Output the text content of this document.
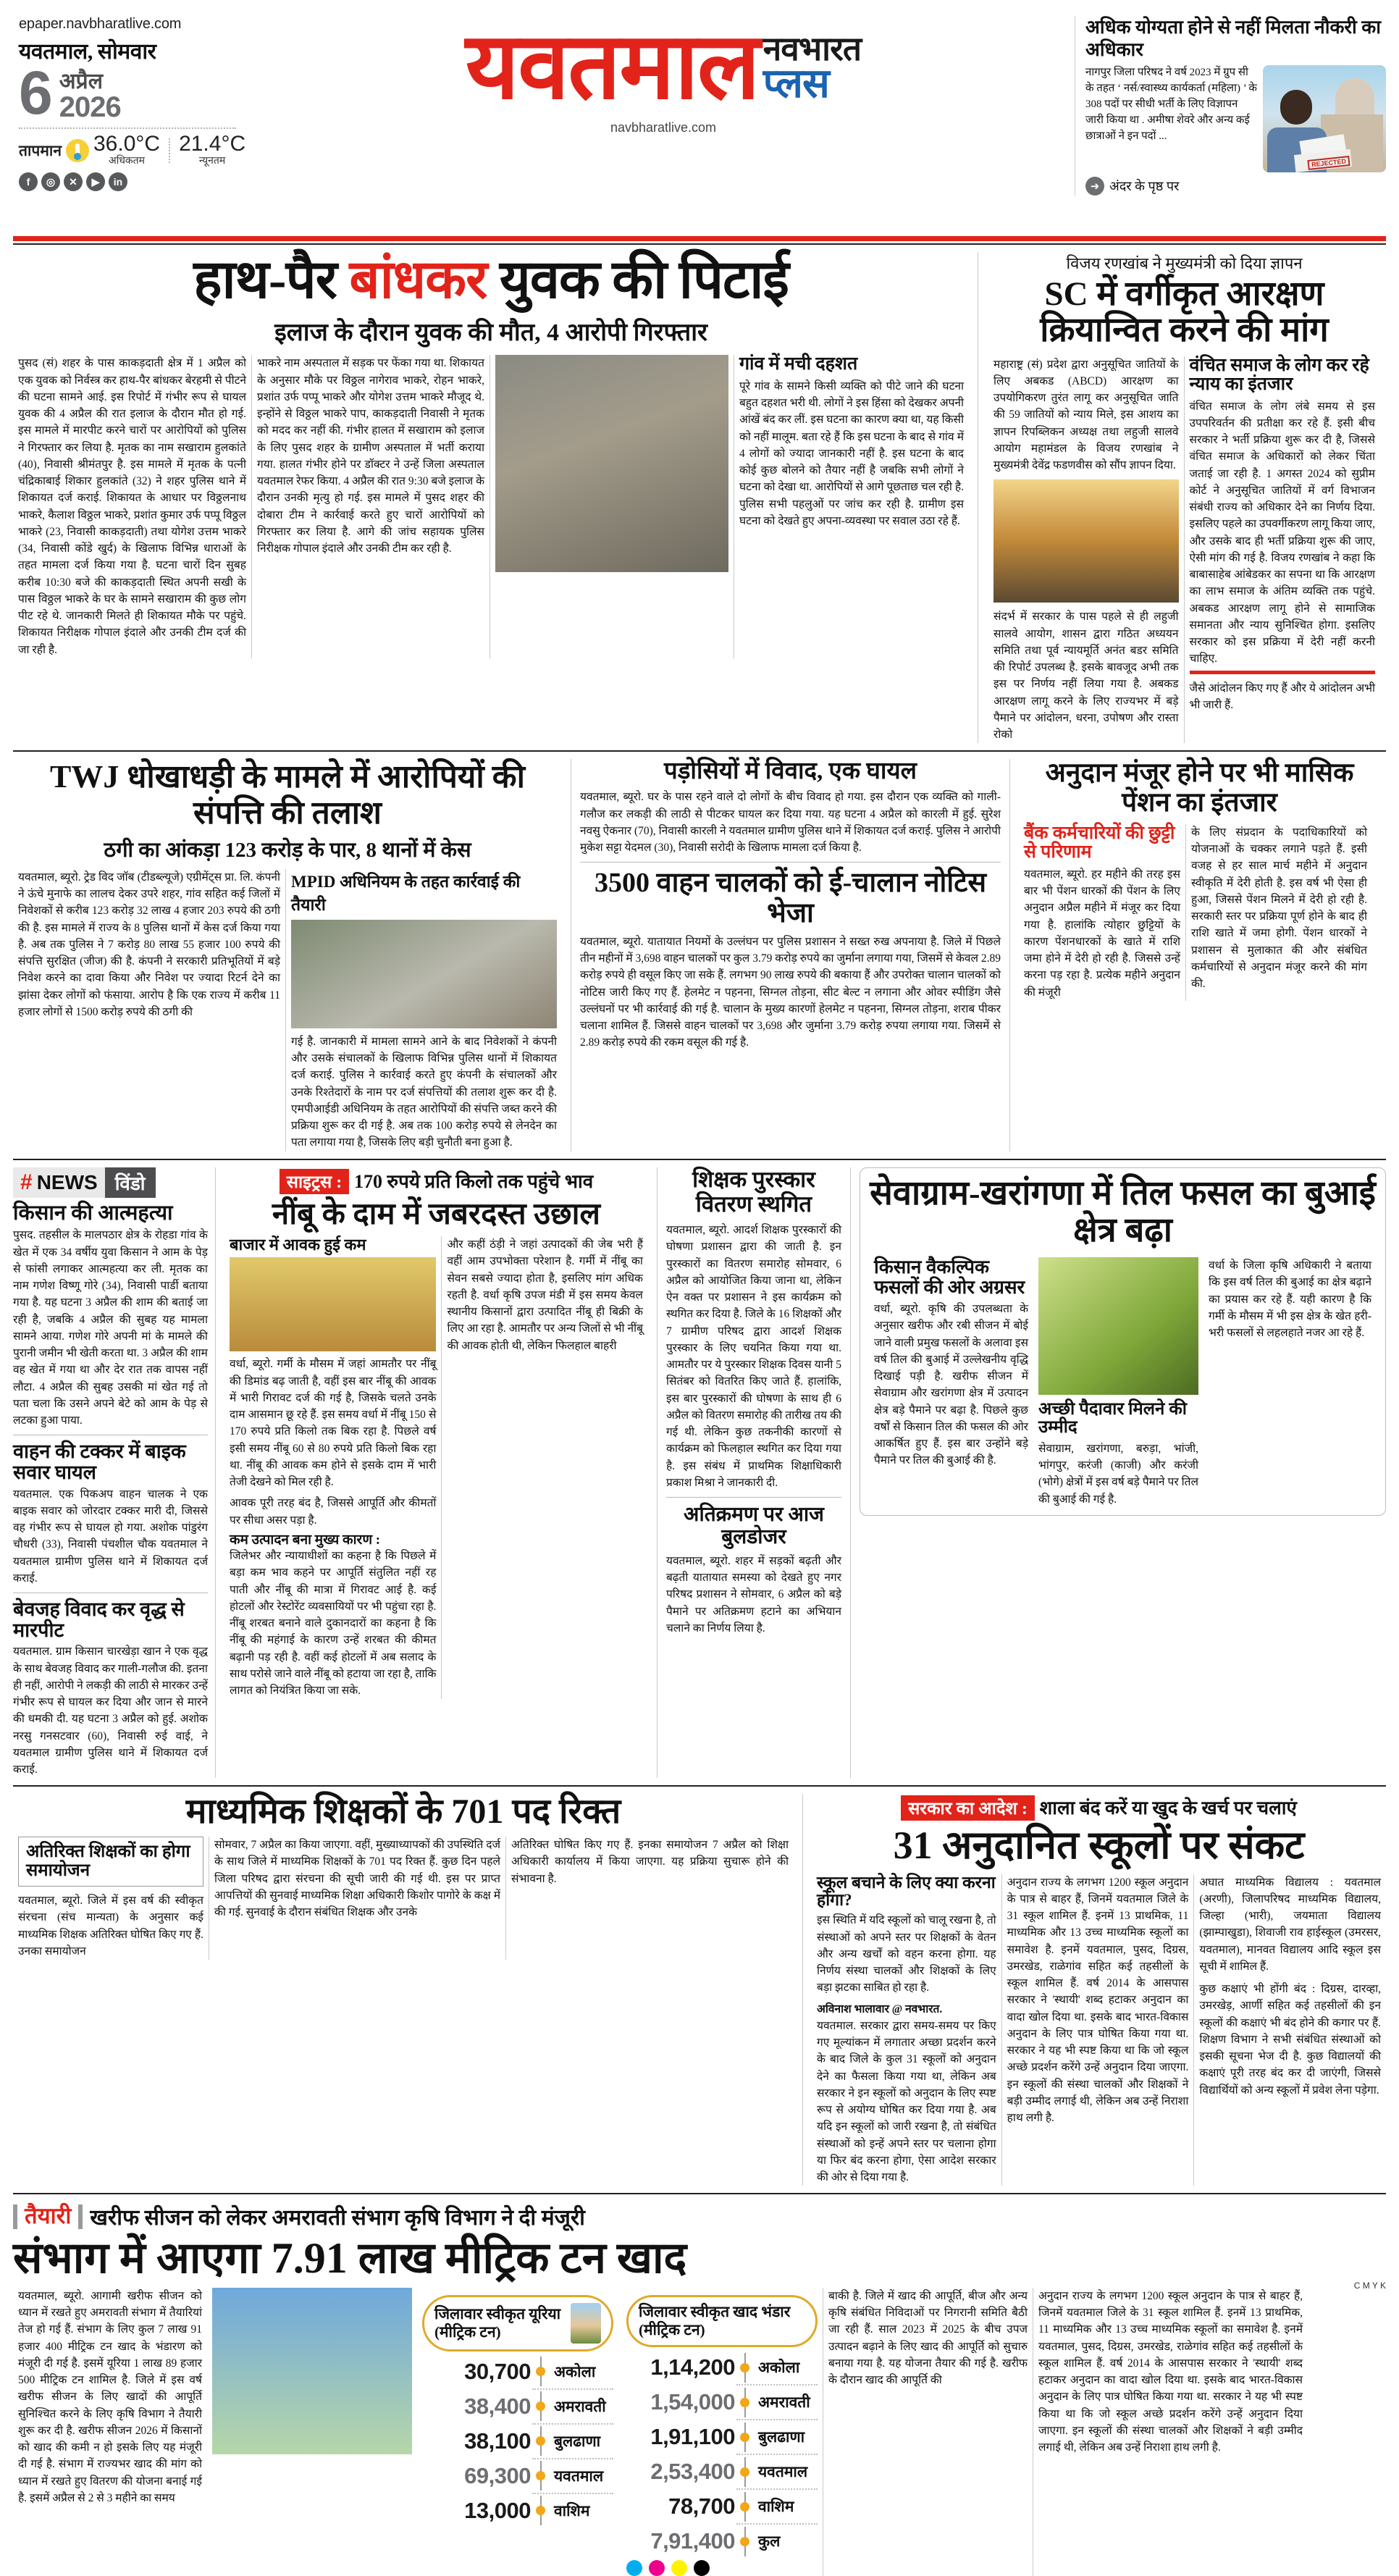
epaper.navbharatlive.com
यवतमाल, सोमवार
6 अप्रैल
2026
तापमान 36.0°C
अधिकतम
21.4°C
न्यूनतम
f	◎	✕	▶	in
यवतमाल नवभारत
प्लस
navbharatlive.com
अधिक योग्यता होने से नहीं मिलता नौकरी का अधिकार
नागपुर जिला परिषद ने वर्ष 2023 में ग्रुप सी के तहत ‘ नर्स/स्वास्थ्य कार्यकर्ता (महिला) ’ के 308 पदों पर सीधी भर्ती के लिए विज्ञापन जारी किया था . अमीषा शेवरे और अन्य कई छात्राओं ने इन पदों ...
REJECTED
➜ अंदर के पृष्ठ पर
हाथ-पैर बांधकर युवक की पिटाई
इलाज के दौरान युवक की मौत, 4 आरोपी गिरफ्तार
पुसद (सं) शहर के पास काकड़दाती क्षेत्र में 1 अप्रैल को एक युवक को निर्वस्त्र कर हाथ-पैर बांधकर बेरहमी से पीटने की घटना सामने आई. इस रिपोर्ट में गंभीर रूप से घायल युवक की 4 अप्रैल की रात इलाज के दौरान मौत हो गई. इस मामले में मारपीट करने चारों पर आरोपियों को पुलिस ने गिरफ्तार कर लिया है. मृतक का नाम सखाराम हुलकांते (40), निवासी श्रीमंतपुर है. इस मामले में मृतक के पत्नी चंद्रिकाबाई शिकार हुलकांते (32) ने शहर पुलिस थाने में शिकायत दर्ज कराई. शिकायत के आधार पर विठ्ठलनाथ भाकरे, कैलाश विठ्ठल भाकरे, प्रशांत कुमार उर्फ पप्पू विठ्ठल भाकरे (23, निवासी काकड़दाती) तथा योगेश उत्तम भाकरे (34, निवासी कोंडे खुर्द) के खिलाफ विभिन्न धाराओं के तहत मामला दर्ज किया गया है. घटना चारों दिन सुबह करीब 10:30 बजे की काकड़दाती स्थित अपनी सखी के पास विठ्ठल भाकरे के घर के सामने सखाराम की कुछ लोग पीट रहे थे. जानकारी मिलते ही शिकायत मौके पर पहुंचे. शिकायत निरीक्षक गोपाल इंदाले और उनकी टीम दर्ज की जा रही है.
भाकरे नाम अस्पताल में सड़क पर फेंका गया था. शिकायत के अनुसार मौके पर विठ्ठल नागेराव भाकरे, रोहन भाकरे, प्रशांत उर्फ पप्पू भाकरे और योगेश उत्तम भाकरे मौजूद थे. इन्होंने से विठ्ठल भाकरे पाप, काकड़दाती निवासी ने मृतक को मदद कर नहीं की. गंभीर हालत में सखाराम को इलाज के लिए पुसद शहर के ग्रामीण अस्पताल में भर्ती कराया गया. हालत गंभीर होने पर डॉक्टर ने उन्हें जिला अस्पताल यवतमाल रेफर किया. 4 अप्रैल की रात 9:30 बजे इलाज के दौरान उनकी मृत्यु हो गई. इस मामले में पुसद शहर की दोबारा टीम ने कार्रवाई करते हुए चारों आरोपियों को गिरफ्तार कर लिया है. आगे की जांच सहायक पुलिस निरीक्षक गोपाल इंदाले और उनकी टीम कर रही है.
गांव में मची दहशत
पूरे गांव के सामने किसी व्यक्ति को पीटे जाने की घटना बहुत दहशत भरी थी. लोगों ने इस हिंसा को देखकर अपनी आंखें बंद कर लीं. इस घटना का कारण क्या था, यह किसी को नहीं मालूम. बता रहे हैं कि इस घटना के बाद से गांव में 4 लोगों को ज्यादा जानकारी नहीं है. इस घटना के बाद कोई कुछ बोलने को तैयार नहीं है जबकि सभी लोगों ने घटना को देखा था. आरोपियों से आगे पूछताछ चल रही है. पुलिस सभी पहलुओं पर जांच कर रही है. ग्रामीण इस घटना को देखते हुए अपना-व्यवस्था पर सवाल उठा रहे हैं.
विजय रणखांब ने मुख्यमंत्री को दिया ज्ञापन
SC में वर्गीकृत आरक्षण क्रियान्वित करने की मांग
महाराष्ट्र (सं) प्रदेश द्वारा अनुसूचित जातियों के लिए अबकड (ABCD) आरक्षण का उपयोगिकरण तुरंत लागू कर अनुसूचित जाति की 59 जातियों को न्याय मिले, इस आशय का ज्ञापन रिपब्लिकन अध्यक्ष तथा लहुजी सालवे आयोग महामंडल के विजय रणखांब ने मुख्यमंत्री देवेंद्र फडणवीस को सौंप ज्ञापन दिया.
संदर्भ में सरकार के पास पहले से ही लहुजी सालवे आयोग, शासन द्वारा गठित अध्ययन समिति तथा पूर्व न्यायमूर्ति अनंत बडर समिति की रिपोर्ट उपलब्ध है. इसके बावजूद अभी तक इस पर निर्णय नहीं लिया गया है. अबकड आरक्षण लागू करने के लिए राज्यभर में बड़े पैमाने पर आंदोलन, धरना, उपोषण और रास्ता रोको
वंचित समाज के लोग कर रहे न्याय का इंतजार
वंचित समाज के लोग लंबे समय से इस उपपरिवर्तन की प्रतीक्षा कर रहे हैं. इसी बीच सरकार ने भर्ती प्रक्रिया शुरू कर दी है, जिससे वंचित समाज के अधिकारों को लेकर चिंता जताई जा रही है. 1 अगस्त 2024 को सुप्रीम कोर्ट ने अनुसूचित जातियों में वर्ग विभाजन संबंधी राज्य को अधिकार देने का निर्णय दिया. इसलिए पहले का उपवर्गीकरण लागू किया जाए, और उसके बाद ही भर्ती प्रक्रिया शुरू की जाए, ऐसी मांग की गई है. विजय रणखांब ने कहा कि बाबासाहेब आंबेडकर का सपना था कि आरक्षण का लाभ समाज के अंतिम व्यक्ति तक पहुंचे. अबकड आरक्षण लागू होने से सामाजिक समानता और न्याय सुनिश्चित होगा. इसलिए सरकार को इस प्रक्रिया में देरी नहीं करनी चाहिए.
जैसे आंदोलन किए गए हैं और ये आंदोलन अभी भी जारी हैं.
TWJ धोखाधड़ी के मामले में आरोपियों की संपत्ति की तलाश
ठगी का आंकड़ा 123 करोड़ के पार, 8 थानों में केस
यवतमाल, ब्यूरो. ट्रेड विद जॉब (टीडब्ल्यूजे) एग्रीमेंट्स प्रा. लि. कंपनी ने ऊंचे मुनाफे का लालच देकर उपरे शहर, गांव सहित कई जिलों में निवेशकों से करीब 123 करोड़ 32 लाख 4 हजार 203 रुपये की ठगी की है. इस मामले में राज्य के 8 पुलिस थानों में केस दर्ज किया गया है. अब तक पुलिस ने 7 करोड़ 80 लाख 55 हजार 100 रुपये की संपत्ति सुरक्षित (जीज) की है. कंपनी ने सरकारी प्रतिभूतियों में बड़े निवेश करने का दावा किया और निवेश पर ज्यादा रिटर्न देने का झांसा देकर लोगों को फंसाया. आरोप है कि एक राज्य में करीब 11 हजार लोगों से 1500 करोड़ रुपये की ठगी की
MPID अधिनियम के तहत कार्रवाई की तैयारी
गई है. जानकारी में मामला सामने आने के बाद निवेशकों ने कंपनी और उसके संचालकों के खिलाफ विभिन्न पुलिस थानों में शिकायत दर्ज कराई. पुलिस ने कार्रवाई करते हुए कंपनी के संचालकों और उनके रिश्तेदारों के नाम पर दर्ज संपत्तियों की तलाश शुरू कर दी है. एमपीआईडी अधिनियम के तहत आरोपियों की संपत्ति जब्त करने की प्रक्रिया शुरू कर दी गई है. अब तक 100 करोड़ रुपये से लेनदेन का पता लगाया गया है, जिसके लिए बड़ी चुनौती बना हुआ है.
पड़ोसियों में विवाद, एक घायल
यवतमाल, ब्यूरो. घर के पास रहने वाले दो लोगों के बीच विवाद हो गया. इस दौरान एक व्यक्ति को गाली-गलौज कर लकड़ी की लाठी से पीटकर घायल कर दिया गया. यह घटना 4 अप्रैल को कारली में हुई. सुरेश नवसु ऐकनार (70), निवासी कारली ने यवतमाल ग्रामीण पुलिस थाने में शिकायत दर्ज कराई. पुलिस ने आरोपी मुकेश सट्टा येदमल (30), निवासी सरोदी के खिलाफ मामला दर्ज किया है.
3500 वाहन चालकों को ई-चालान नोटिस भेजा
यवतमाल, ब्यूरो. यातायात नियमों के उल्लंघन पर पुलिस प्रशासन ने सख्त रुख अपनाया है. जिले में पिछले तीन महीनों में 3,698 वाहन चालकों पर कुल 3.79 करोड़ रुपये का जुर्माना लगाया गया, जिसमें से केवल 2.89 करोड़ रुपये ही वसूल किए जा सके हैं. लगभग 90 लाख रुपये की बकाया हैं और उपरोक्त चालान चालकों को नोटिस जारी किए गए हैं. हेलमेट न पहनना, सिग्नल तोड़ना, सीट बेल्ट न लगाना और ओवर स्पीडिंग जैसे उल्लंघनों पर भी कार्रवाई की गई है. चालान के मुख्य कारणों हेलमेट न पहनना, सिग्नल तोड़ना, शराब पीकर चलाना शामिल हैं. जिससे वाहन चालकों पर 3,698 और जुर्माना 3.79 करोड़ रुपया लगाया गया. जिसमें से 2.89 करोड़ रुपये की रकम वसूल की गई है.
अनुदान मंजूर होने पर भी मासिक पेंशन का इंतजार
बैंक कर्मचारियों की छुट्टी से परिणाम
यवतमाल, ब्यूरो. हर महीने की तरह इस बार भी पेंशन धारकों की पेंशन के लिए अनुदान अप्रैल महीने में मंजूर कर दिया गया है. हालांकि त्योहार छुट्टियों के कारण पेंशनधारकों के खाते में राशि जमा होने में देरी हो रही है. जिससे उन्हें करना पड़ रहा है. प्रत्येक महीने अनुदान की मंजूरी
के लिए संप्रदान के पदाधिकारियों को योजनाओं के चक्कर लगाने पड़ते हैं. इसी वजह से हर साल मार्च महीने में अनुदान स्वीकृति में देरी होती है. इस वर्ष भी ऐसा ही हुआ, जिससे पेंशन मिलने में देरी हो रही है. सरकारी स्तर पर प्रक्रिया पूर्ण होने के बाद ही राशि खाते में जमा होगी. पेंशन धारकों ने प्रशासन से मुलाकात की और संबंधित कर्मचारियों से अनुदान मंजूर करने की मांग की.
# NEWS विंडो
किसान की आत्महत्या
पुसद. तहसील के मालपठार क्षेत्र के रोहडा गांव के खेत में एक 34 वर्षीय युवा किसान ने आम के पेड़ से फांसी लगाकर आत्महत्या कर ली. मृतक का नाम गणेश विष्णू गोरे (34), निवासी पार्डी बताया गया है. यह घटना 3 अप्रैल की शाम की बताई जा रही है, जबकि 4 अप्रैल की सुबह यह मामला सामने आया. गणेश गोरे अपनी मां के मामले की पुरानी जमीन भी खेती करता था. 3 अप्रैल की शाम वह खेत में गया था और देर रात तक वापस नहीं लौटा. 4 अप्रैल की सुबह उसकी मां खेत गई तो पता चला कि उसने अपने बेटे को आम के पेड़ से लटका हुआ पाया.
वाहन की टक्कर में बाइक सवार घायल
यवतमाल. एक पिकअप वाहन चालक ने एक बाइक सवार को जोरदार टक्कर मारी दी, जिससे वह गंभीर रूप से घायल हो गया. अशोक पांडुरंग चौधरी (33), निवासी पंचशील चौक यवतमाल ने यवतमाल ग्रामीण पुलिस थाने में शिकायत दर्ज कराई.
बेवजह विवाद कर वृद्ध से मारपीट
यवतमाल. ग्राम किसान चारखेड़ा खान ने एक वृद्ध के साथ बेवजह विवाद कर गाली-गलौज की. इतना ही नहीं, आरोपी ने लकड़ी की लाठी से मारकर उन्हें गंभीर रूप से घायल कर दिया और जान से मारने की धमकी दी. यह घटना 3 अप्रैल को हुई. अशोक नरसु गनसटवार (60), निवासी रुई वाई, ने यवतमाल ग्रामीण पुलिस थाने में शिकायत दर्ज कराई.
साइट्रस : 170 रुपये प्रति किलो तक पहुंचे भाव
नींबू के दाम में जबरदस्त उछाल
बाजार में आवक हुई कम
वर्धा, ब्यूरो. गर्मी के मौसम में जहां आमतौर पर नींबू की डिमांड बढ़ जाती है, वहीं इस बार नींबू की आवक में भारी गिरावट दर्ज की गई है, जिसके चलते उनके दाम आसमान छू रहे हैं. इस समय वर्धा में नींबू 150 से 170 रुपये प्रति किलो तक बिक रहा है. पिछले वर्ष इसी समय नींबू 60 से 80 रुपये प्रति किलो बिक रहा था. नींबू की आवक कम होने से इसके दाम में भारी तेजी देखने को मिल रही है.
आवक पूरी तरह बंद है, जिससे आपूर्ति और कीमतों पर सीधा असर पड़ा है.
कम उत्पादन बना मुख्य कारण :
जिलेभर और न्यायाधीशों का कहना है कि पिछले में बड़ा कम भाव कहने पर आपूर्ति संतुलित नहीं रह पाती और नींबू की मात्रा में गिरावट आई है. कई होटलों और रेस्टोरेंट व्यवसायियों पर भी पहुंचा रहा है. नींबू शरबत बनाने वाले दुकानदारों का कहना है कि नींबू की महंगाई के कारण उन्हें शरबत की कीमत बढ़ानी पड़ रही है. वहीं कई होटलों में अब सलाद के साथ परोसे जाने वाले नींबू को हटाया जा रहा है, ताकि लागत को नियंत्रित किया जा सके.
और कहीं ठंड़ी ने जहां उत्पादकों की जेब भरी हैं वहीं आम उपभोक्ता परेशान है. गर्मी में नींबू का सेवन सबसे ज्यादा होता है, इसलिए मांग अधिक रहती है. वर्धा कृषि उपज मंडी में इस समय केवल स्थानीय किसानों द्वारा उत्पादित नींबू ही बिक्री के लिए आ रहा है. आमतौर पर अन्य जिलों से भी नींबू की आवक होती थी, लेकिन फिलहाल बाहरी
शिक्षक पुरस्कार वितरण स्थगित
यवतमाल, ब्यूरो. आदर्श शिक्षक पुरस्कारों की घोषणा प्रशासन द्वारा की जाती है. इन पुरस्कारों का वितरण समारोह सोमवार, 6 अप्रैल को आयोजित किया जाना था, लेकिन ऐन वक्त पर प्रशासन ने इस कार्यक्रम को स्थगित कर दिया है. जिले के 16 शिक्षकों और 7 ग्रामीण परिषद द्वारा आदर्श शिक्षक पुरस्कार के लिए चयनित किया गया था. आमतौर पर ये पुरस्कार शिक्षक दिवस यानी 5 सितंबर को वितरित किए जाते हैं. हालांकि, इस बार पुरस्कारों की घोषणा के साथ ही 6 अप्रैल को वितरण समारोह की तारीख तय की गई थी. लेकिन कुछ तकनीकी कारणों से कार्यक्रम को फिलहाल स्थगित कर दिया गया है. इस संबंध में प्राथमिक शिक्षाधिकारी प्रकाश मिश्रा ने जानकारी दी.
अतिक्रमण पर आज बुलडोजर
यवतमाल, ब्यूरो. शहर में सड़कों बढ़ती और बढ़ती यातायात समस्या को देखते हुए नगर परिषद प्रशासन ने सोमवार, 6 अप्रैल को बड़े पैमाने पर अतिक्रमण हटाने का अभियान चलाने का निर्णय लिया है.
सेवाग्राम-खरांगणा में तिल फसल का बुआई क्षेत्र बढ़ा
किसान वैकल्पिक फसलों की ओर अग्रसर
वर्धा, ब्यूरो. कृषि की उपलब्धता के अनुसार खरीफ और रबी सीजन में बोई जाने वाली प्रमुख फसलों के अलावा इस वर्ष तिल की बुआई में उल्लेखनीय वृद्धि दिखाई पड़ी है. खरीफ सीजन में सेवाग्राम और खरांगणा क्षेत्र में उत्पादन क्षेत्र बड़े पैमाने पर बढ़ा है. पिछले कुछ वर्षों से किसान तिल की फसल की ओर आकर्षित हुए हैं. इस बार उन्होंने बड़े पैमाने पर तिल की बुआई की है.
अच्छी पैदावार मिलने की उम्मीद
सेवाग्राम, खरांगणा, बरुड़ा, भांजी, भांगपुर, करंजी (काजी) और करंजी (भोगे) क्षेत्रों में इस वर्ष बड़े पैमाने पर तिल की बुआई की गई है.
वर्धा के जिला कृषि अधिकारी ने बताया कि इस वर्ष तिल की बुआई का क्षेत्र बढ़ाने का प्रयास कर रहे हैं. यही कारण है कि गर्मी के मौसम में भी इस क्षेत्र के खेत हरी-भरी फसलों से लहलहाते नजर आ रहे हैं.
माध्यमिक शिक्षकों के 701 पद रिक्त
अतिरिक्त शिक्षकों का होगा समायोजन
यवतमाल, ब्यूरो. जिले में इस वर्ष की स्वीकृत संरचना (संच मान्यता) के अनुसार कई माध्यमिक शिक्षक अतिरिक्त घोषित किए गए हैं. उनका समायोजन
सोमवार, 7 अप्रैल का किया जाएगा. वहीं, मुख्याध्यापकों की उपस्थिति दर्ज के साथ जिले में माध्यमिक शिक्षकों के 701 पद रिक्त हैं. कुछ दिन पहले जिला परिषद द्वारा संरचना की सूची जारी की गई थी. इस पर प्राप्त आपत्तियों की सुनवाई माध्यमिक शिक्षा अधिकारी किशोर पागोरे के कक्ष में की गई. सुनवाई के दौरान संबंधित शिक्षक और उनके
अतिरिक्त घोषित किए गए हैं. इनका समायोजन 7 अप्रैल को शिक्षा अधिकारी कार्यालय में किया जाएगा. यह प्रक्रिया सुचारू होने की संभावना है.
सरकार का आदेश : शाला बंद करें या खुद के खर्च पर चलाएं
31 अनुदानित स्कूलों पर संकट
स्कूल बचाने के लिए क्या करना होगा?
इस स्थिति में यदि स्कूलों को चालू रखना है, तो संस्थाओं को अपने स्तर पर शिक्षकों के वेतन और अन्य खर्चों को वहन करना होगा. यह निर्णय संस्था चालकों और शिक्षकों के लिए बड़ा झटका साबित हो रहा है.
अविनाश भालावार @ नवभारत.
यवतमाल. सरकार द्वारा समय-समय पर किए गए मूल्यांकन में लगातार अच्छा प्रदर्शन करने के बाद जिले के कुल 31 स्कूलों को अनुदान देने का फैसला किया गया था, लेकिन अब सरकार ने इन स्कूलों को अनुदान के लिए स्पष्ट रूप से अयोग्य घोषित कर दिया गया है. अब यदि इन स्कूलों को जारी रखना है, तो संबंधित संस्थाओं को इन्हें अपने स्तर पर चलाना होगा या फिर बंद करना होगा, ऐसा आदेश सरकार की ओर से दिया गया है.
अनुदान राज्य के लगभग 1200 स्कूल अनुदान के पात्र से बाहर हैं, जिनमें यवतमाल जिले के 31 स्कूल शामिल हैं. इनमें 13 प्राथमिक, 11 माध्यमिक और 13 उच्च माध्यमिक स्कूलों का समावेश है. इनमें यवतमाल, पुसद, दिग्रस, उमरखेड, राळेगांव सहित कई तहसीलों के स्कूल शामिल हैं. वर्ष 2014 के आसपास सरकार ने 'स्थायी' शब्द हटाकर अनुदान का वादा खोल दिया था. इसके बाद भारत-विकास अनुदान के लिए पात्र घोषित किया गया था. सरकार ने यह भी स्पष्ट किया था कि जो स्कूल अच्छे प्रदर्शन करेंगे उन्हें अनुदान दिया जाएगा. इन स्कूलों की संस्था चालकों और शिक्षकों ने बड़ी उम्मीद लगाई थी, लेकिन अब उन्हें निराशा हाथ लगी है.
अघात माध्यमिक विद्यालय : यवतमाल (अरणी), जिलापरिषद माध्यमिक विद्यालय, जिल्हा (भारी), जयमाता विद्यालय (झाम्पाखुडा), शिवाजी राव हाईस्कूल (उमरसर, यवतमाल), मानवत विद्यालय आदि स्कूल इस सूची में शामिल हैं.
कुछ कक्षाएं भी होंगी बंद : दिग्रस, दारव्हा, उमरखेड़, आर्णी सहित कई तहसीलों की इन स्कूलों की कक्षाएं भी बंद होने की कगार पर हैं. शिक्षण विभाग ने सभी संबंधित संस्थाओं को इसकी सूचना भेज दी है. कुछ विद्यालयों की कक्षाएं पूरी तरह बंद कर दी जाएंगी, जिससे विद्यार्थियों को अन्य स्कूलों में प्रवेश लेना पड़ेगा.
तैयारी खरीफ सीजन को लेकर अमरावती संभाग कृषि विभाग ने दी मंजूरी
संभाग में आएगा 7.91 लाख मीट्रिक टन खाद
यवतमाल, ब्यूरो. आगामी खरीफ सीजन को ध्यान में रखते हुए अमरावती संभाग में तैयारियां तेज हो गई हैं. संभाग के लिए कुल 7 लाख 91 हजार 400 मीट्रिक टन खाद के भंडारण को मंजूरी दी गई है. इसमें यूरिया 1 लाख 89 हजार 500 मीट्रिक टन शामिल है. जिले में इस वर्ष खरीफ सीजन के लिए खादों की आपूर्ति सुनिश्चित करने के लिए कृषि विभाग ने तैयारी शुरू कर दी है. खरीफ सीजन 2026 में किसानों को खाद की कमी न हो इसके लिए यह मंजूरी दी गई है. संभाग में राज्यभर खाद की मांग को ध्यान में रखते हुए वितरण की योजना बनाई गई है. इसमें अप्रैल से 2 से 3 महीने का समय
जिलावार स्वीकृत यूरिया (मीट्रिक टन)
30,700 अकोला
38,400 अमरावती
38,100 बुलढाणा
69,300 यवतमाल
13,000 वाशिम
जिलावार स्वीकृत खाद भंडार (मीट्रिक टन)
1,14,200 अकोला
1,54,000 अमरावती
1,91,100 बुलढाणा
2,53,400 यवतमाल
78,700 वाशिम
7,91,400 कुल
बाकी है. जिले में खाद की आपूर्ति, बीज और अन्य कृषि संबंधित निविदाओं पर निगरानी समिति बैठी जा रही हैं. साल 2023 में 2025 के बीच उपज उत्पादन बढ़ाने के लिए खाद की आपूर्ति को सुचारु बनाया गया है. यह योजना तैयार की गई है. खरीफ के दौरान खाद की आपूर्ति की
अनुदान राज्य के लगभग 1200 स्कूल अनुदान के पात्र से बाहर हैं, जिनमें यवतमाल जिले के 31 स्कूल शामिल हैं. इनमें 13 प्राथमिक, 11 माध्यमिक और 13 उच्च माध्यमिक स्कूलों का समावेश है. इनमें यवतमाल, पुसद, दिग्रस, उमरखेड, राळेगांव सहित कई तहसीलों के स्कूल शामिल हैं. वर्ष 2014 के आसपास सरकार ने 'स्थायी' शब्द हटाकर अनुदान का वादा खोल दिया था. इसके बाद भारत-विकास अनुदान के लिए पात्र घोषित किया गया था. सरकार ने यह भी स्पष्ट किया था कि जो स्कूल अच्छे प्रदर्शन करेंगे उन्हें अनुदान दिया जाएगा. इन स्कूलों की संस्था चालकों और शिक्षकों ने बड़ी उम्मीद लगाई थी, लेकिन अब उन्हें निराशा हाथ लगी है.
C M Y K
